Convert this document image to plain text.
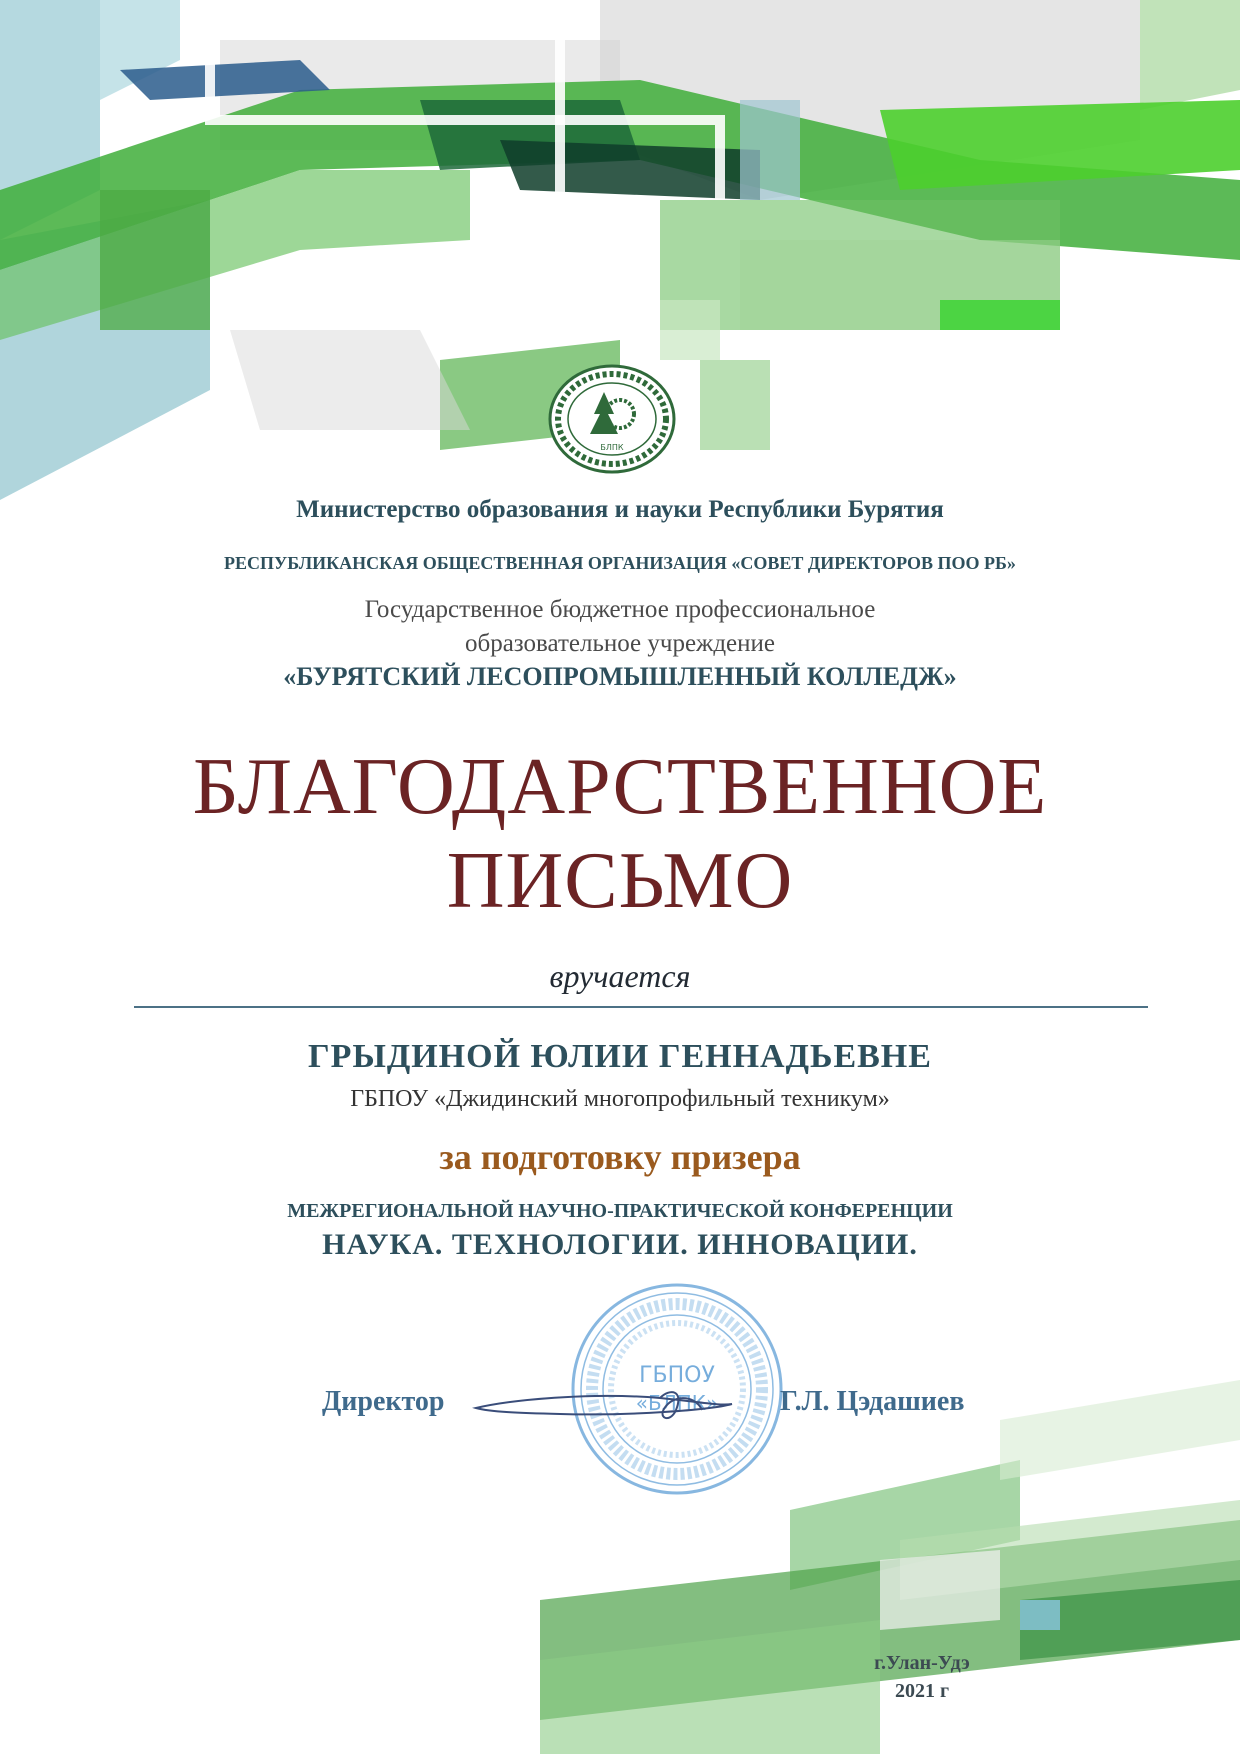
БЛПК

Министерство образования и науки Республики Бурятия

РЕСПУБЛИКАНСКАЯ ОБЩЕСТВЕННАЯ ОРГАНИЗАЦИЯ «СОВЕТ ДИРЕКТОРОВ ПОО РБ»

Государственное бюджетное профессиональное

образовательное учреждение

«БУРЯТСКИЙ ЛЕСОПРОМЫШЛЕННЫЙ КОЛЛЕДЖ»

БЛАГОДАРСТВЕННОЕ

ПИСЬМО

вручается

ГРЫДИНОЙ ЮЛИИ ГЕННАДЬЕВНЕ

ГБПОУ «Джидинский многопрофильный техникум»

за подготовку призера

МЕЖРЕГИОНАЛЬНОЙ НАУЧНО-ПРАКТИЧЕСКОЙ КОНФЕРЕНЦИИ

НАУКА. ТЕХНОЛОГИИ. ИННОВАЦИИ.

ГБПОУ
«БЛПК»

Директор	Г.Л. Цэдашиев

г.Улан-Удэ

2021 г
